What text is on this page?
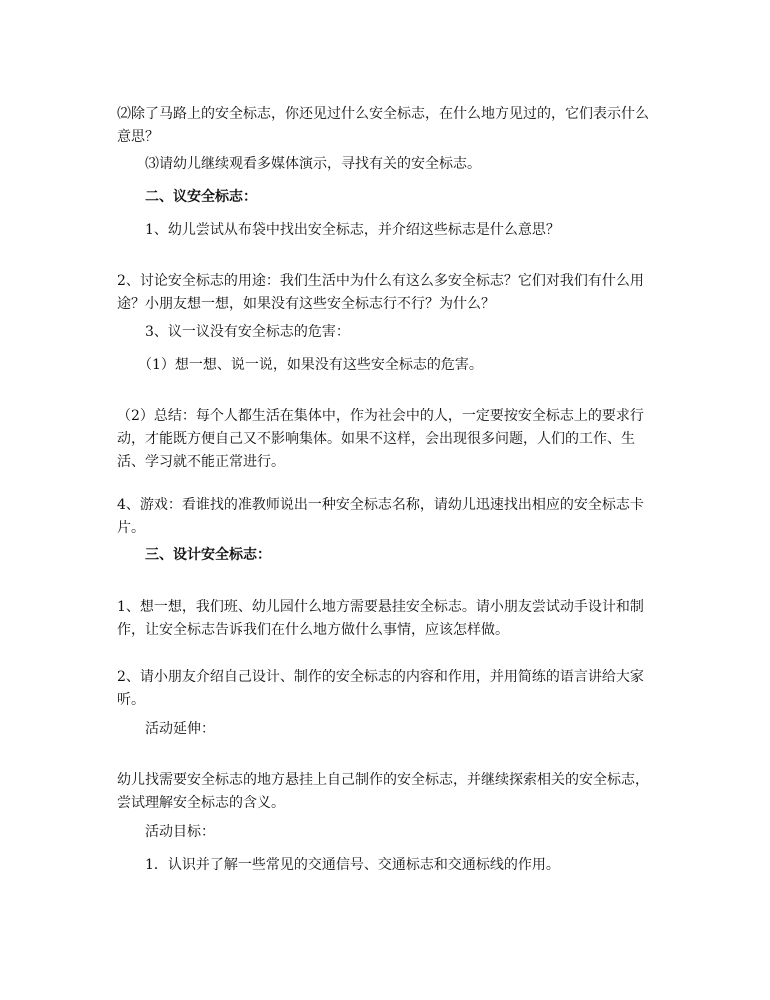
⑵除了马路上的安全标志，你还见过什么安全标志，在什么地方见过的，它们表示什么意思？

　　⑶请幼儿继续观看多媒体演示，寻找有关的安全标志。

　　二、议安全标志：

　　1、幼儿尝试从布袋中找出安全标志，并介绍这些标志是什么意思？

2、讨论安全标志的用途：我们生活中为什么有这么多安全标志？它们对我们有什么用途？小朋友想一想，如果没有这些安全标志行不行？为什么？

　　3、议一议没有安全标志的危害：

　　（1）想一想、说一说，如果没有这些安全标志的危害。

（2）总结：每个人都生活在集体中，作为社会中的人，一定要按安全标志上的要求行动，才能既方便自己又不影响集体。如果不这样，会出现很多问题，人们的工作、生活、学习就不能正常进行。

4、游戏：看谁找的准教师说出一种安全标志名称，请幼儿迅速找出相应的安全标志卡片。

　　三、设计安全标志：

1、想一想，我们班、幼儿园什么地方需要悬挂安全标志。请小朋友尝试动手设计和制作，让安全标志告诉我们在什么地方做什么事情，应该怎样做。

2、请小朋友介绍自己设计、制作的安全标志的内容和作用，并用简练的语言讲给大家听。

　　活动延伸：

幼儿找需要安全标志的地方悬挂上自己制作的安全标志，并继续探索相关的安全标志，尝试理解安全标志的含义。

　　活动目标：

　　1．认识并了解一些常见的交通信号、交通标志和交通标线的作用。
